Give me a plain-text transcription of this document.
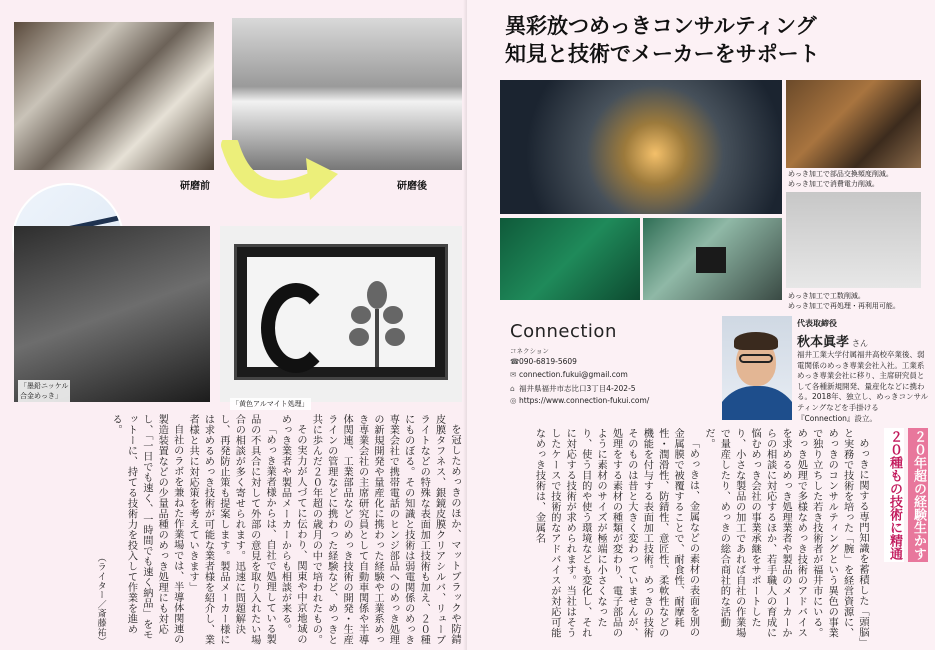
研磨前	研磨後
「墨鉛ニッケル
合金めっき」
「黄色アルマイト処理」

を冠しためっきのほか、マットブラックや防錆皮膜タフネス、銀鏡皮膜クリアシルバ、リューブライトなどの特殊な表面加工技術も加え、２０種にものぼる。その知識と技術は弱電関係のめっき専業会社で携帯電話のヒンジ部品へのめっき処理の新規開発や量産化に携わった経験や工業系めっき専業会社の主席研究員として自動車関係や半導体関連、工業部品などのめっき技術の開発・生産ラインの管理などに携わった経験など、めっきと共に歩んだ２０年超の歳月の中で培われたもの。

その実力が人づてに伝わり、関東や中京地域のめっき業者や製品メーカーからも相談が来る。

「めっき業者様からは、自社で処理している製品の不具合に対して外部の意見を取り入れたい場合の相談が多く寄せられます。迅速に問題解決し、再発防止策も提案します。製品メーカー様には求めるめっき技術が可能な業者様を紹介し、業者様と共に対応策を考えていきます」

自社のラボを兼ねた作業場では、半導体関連の製造装置などの少量品種のめっき処理にも対応し、「一日でも速く、一時間でも速く納品」をモットーに、持てる技術力を投入して作業を進める。

（ライター／斎藤祐）
異彩放つめっきコンサルティング
知見と技術でメーカーをサポート
めっき加工で部品交換頻度削減。
めっき加工で消費電力削減。
めっき加工で工数削減。
めっき加工で再処理・再利用可能。
Connection
コネクション
☎090-6819-5609
✉ connection.fukui@gmail.com
⌂ 福井県福井市志比口3丁目4-202-5
◎ https://www.connection-fukui.com/
代表取締役
秋本眞孝 さん
福井工業大学付属福井高校卒業後、弱電関係のめっき専業会社入社。工業系めっき専業会社に移り、主席研究員として各種新規開発、量産化などに携わる。2018年、独立し、めっきコンサルティングなどを手掛ける『Connection』設立。

めっきに関する専門知識を蓄積した「頭脳」と実務で技術を培った「腕」を経営資源に、めっきのコンサルティングという異色の事業で独り立ちした若き技術者が福井市にいる。めっき処理で多様なめっき技術のアドバイスを求めるめっき処理業者や製品のメーカーからの相談に対応するほか、若手職人の育成に悩むめっき会社の事業承継をサポートしたり、小さな製品の加工であれば自社の作業場で量産したり、めっきの総合商社的な活動だ。

「めっきは、金属などの素材の表面を別の金属膜で被覆することで、耐食性、耐摩耗性・潤滑性、防錆性、意匠性、柔軟性などの機能を付与する表面加工技術。めっきの技術そのものは昔と大きく変わっていませんが、処理をする素材の種類が変わり、電子部品のように素材のサイズが極端に小さくなったり、使う目的や使う環境なども変化し、それに対応する技術が求められます。当社はそうしたケースで技術的なアドバイスが対応可能なめっき技術は、金属名	２０年超の経験生かす
２０種もの技術に精通
